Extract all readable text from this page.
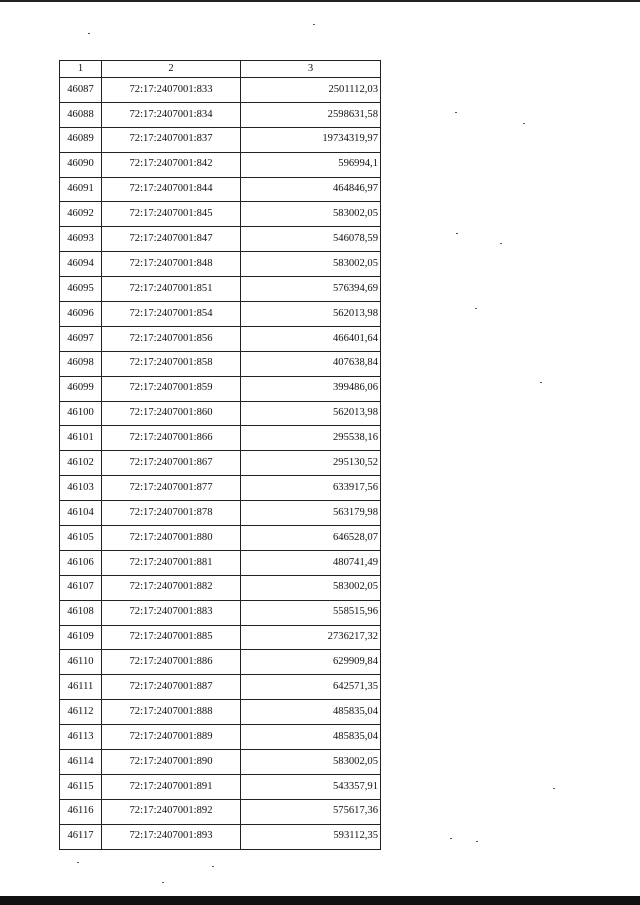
1	2	3
46087	72:17:2407001:833	2501112,03
46088	72:17:2407001:834	2598631,58
46089	72:17:2407001:837	19734319,97
46090	72:17:2407001:842	596994,1
46091	72:17:2407001:844	464846,97
46092	72:17:2407001:845	583002,05
46093	72:17:2407001:847	546078,59
46094	72:17:2407001:848	583002,05
46095	72:17:2407001:851	576394,69
46096	72:17:2407001:854	562013,98
46097	72:17:2407001:856	466401,64
46098	72:17:2407001:858	407638,84
46099	72:17:2407001:859	399486,06
46100	72:17:2407001:860	562013,98
46101	72:17:2407001:866	295538,16
46102	72:17:2407001:867	295130,52
46103	72:17:2407001:877	633917,56
46104	72:17:2407001:878	563179,98
46105	72:17:2407001:880	646528,07
46106	72:17:2407001:881	480741,49
46107	72:17:2407001:882	583002,05
46108	72:17:2407001:883	558515,96
46109	72:17:2407001:885	2736217,32
46110	72:17:2407001:886	629909,84
46111	72:17:2407001:887	642571,35
46112	72:17:2407001:888	485835,04
46113	72:17:2407001:889	485835,04
46114	72:17:2407001:890	583002,05
46115	72:17:2407001:891	543357,91
46116	72:17:2407001:892	575617,36
46117	72:17:2407001:893	593112,35
